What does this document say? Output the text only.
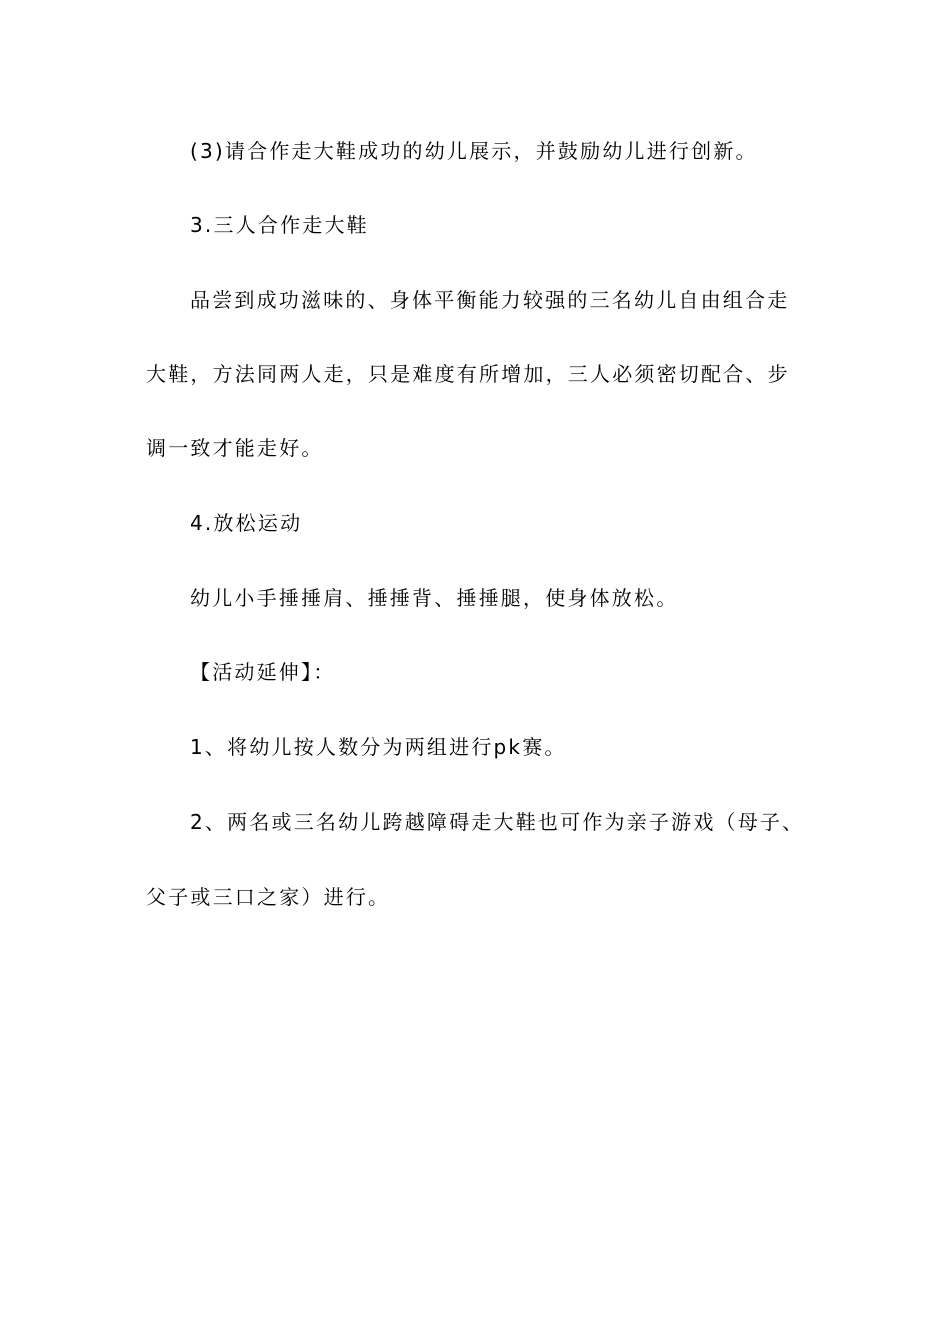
(3)请合作走大鞋成功的幼儿展示，并鼓励幼儿进行创新。
3.三人合作走大鞋
品尝到成功滋味的、身体平衡能力较强的三名幼儿自由组合走
大鞋，方法同两人走，只是难度有所增加，三人必须密切配合、步
调一致才能走好。
4.放松运动
幼儿小手捶捶肩、捶捶背、捶捶腿，使身体放松。
【活动延伸】：
1、将幼儿按人数分为两组进行pk赛。
2、两名或三名幼儿跨越障碍走大鞋也可作为亲子游戏（母子、
父子或三口之家）进行。
